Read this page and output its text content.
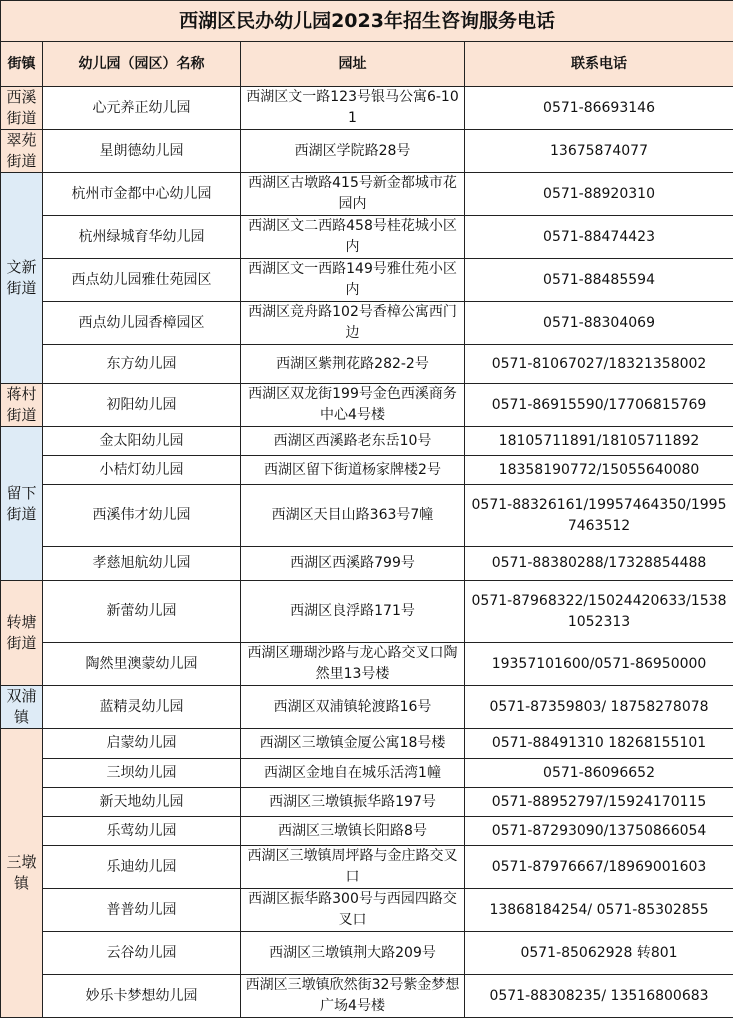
西湖区民办幼儿园2023年招生咨询服务电话			
街镇	幼儿园（园区）名称	园址	联系电话
西溪街道	心元养正幼儿园	西湖区文一路123号银马公寓6-101	0571-86693146
翠苑街道	星朗德幼儿园	西湖区学院路28号	13675874077
文新街道	杭州市金都中心幼儿园	西湖区古墩路415号新金都城市花园内	0571-88920310
	杭州绿城育华幼儿园	西湖区文二西路458号桂花城小区内	0571-88474423
	西点幼儿园雅仕苑园区	西湖区文一西路149号雅仕苑小区内	0571-88485594
	西点幼儿园香樟园区	西湖区竞舟路102号香樟公寓西门边	0571-88304069
	东方幼儿园	西湖区紫荆花路282-2号	0571-81067027/18321358002
蒋村街道	初阳幼儿园	西湖区双龙街199号金色西溪商务中心4号楼	0571-86915590/17706815769
留下街道	金太阳幼儿园	西湖区西溪路老东岳10号	18105711891/18105711892
	小桔灯幼儿园	西湖区留下街道杨家牌楼2号	18358190772/15055640080
	西溪伟才幼儿园	西湖区天目山路363号7幢	0571-88326161/19957464350/19957463512
	孝慈旭航幼儿园	西湖区西溪路799号	0571-88380288/17328854488
转塘街道	新蕾幼儿园	西湖区良浮路171号	0571-87968322/15024420633/15381052313
	陶然里澳蒙幼儿园	西湖区珊瑚沙路与龙心路交叉口陶然里13号楼	19357101600/0571-86950000
双浦镇	蓝精灵幼儿园	西湖区双浦镇轮渡路16号	0571-87359803/ 18758278078
三墩镇	启蒙幼儿园	西湖区三墩镇金厦公寓18号楼	0571-88491310 18268155101
	三坝幼儿园	西湖区金地自在城乐活湾1幢	0571-86096652
	新天地幼儿园	西湖区三墩镇振华路197号	0571-88952797/15924170115
	乐莺幼儿园	西湖区三墩镇长阳路8号	0571-87293090/13750866054
	乐迪幼儿园	西湖区三墩镇周坪路与金庄路交叉口	0571-87976667/18969001603
	普普幼儿园	西湖区振华路300号与西园四路交叉口	13868184254/ 0571-85302855
	云谷幼儿园	西湖区三墩镇荆大路209号	0571-85062928 转801
	妙乐卡梦想幼儿园	西湖区三墩镇欣然街32号紫金梦想广场4号楼	0571-88308235/ 13516800683
